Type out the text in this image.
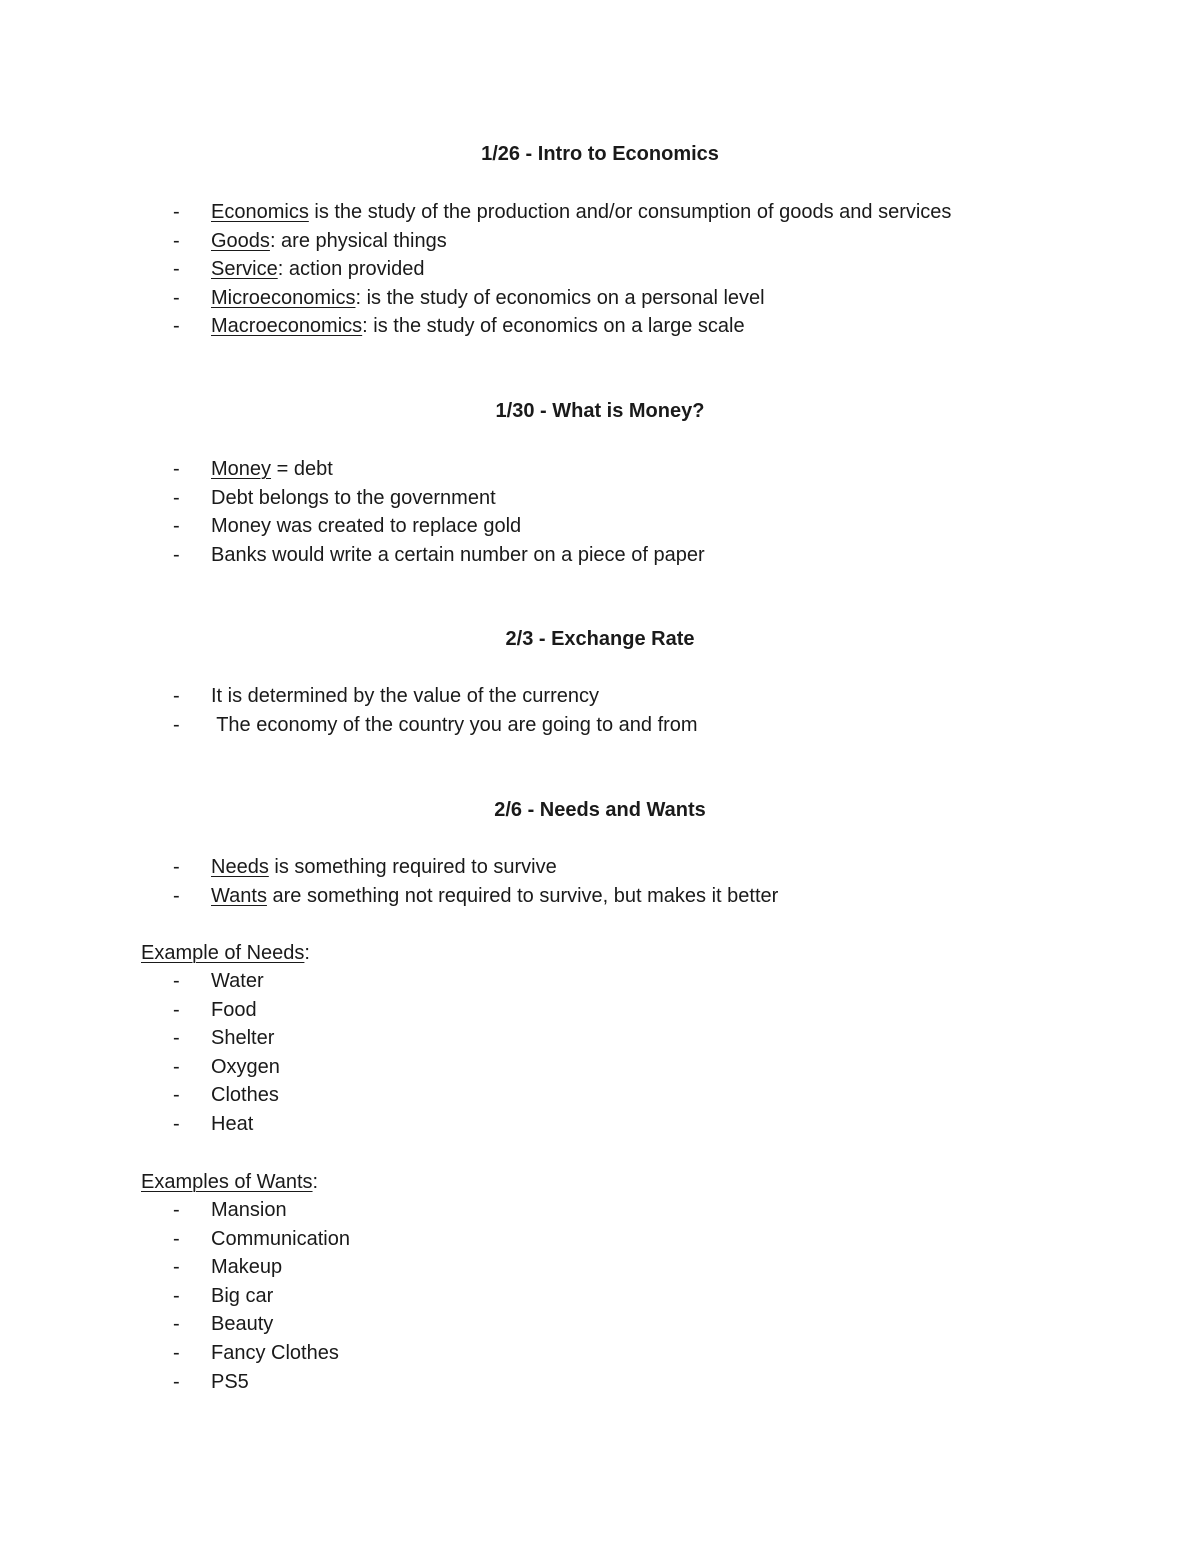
1/26 - Intro to Economics
- Economics is the study of the production and/or consumption of goods and services
- Goods: are physical things
- Service: action provided
- Microeconomics: is the study of economics on a personal level
- Macroeconomics: is the study of economics on a large scale
1/30 - What is Money?
- Money = debt
- Debt belongs to the government
- Money was created to replace gold
- Banks would write a certain number on a piece of paper
2/3 - Exchange Rate
- It is determined by the value of the currency
- The economy of the country you are going to and from
2/6 - Needs and Wants
- Needs is something required to survive
- Wants are something not required to survive, but makes it better

Example of Needs:

- Water
- Food
- Shelter
- Oxygen
- Clothes
- Heat

Examples of Wants:

- Mansion
- Communication
- Makeup
- Big car
- Beauty
- Fancy Clothes
- PS5
